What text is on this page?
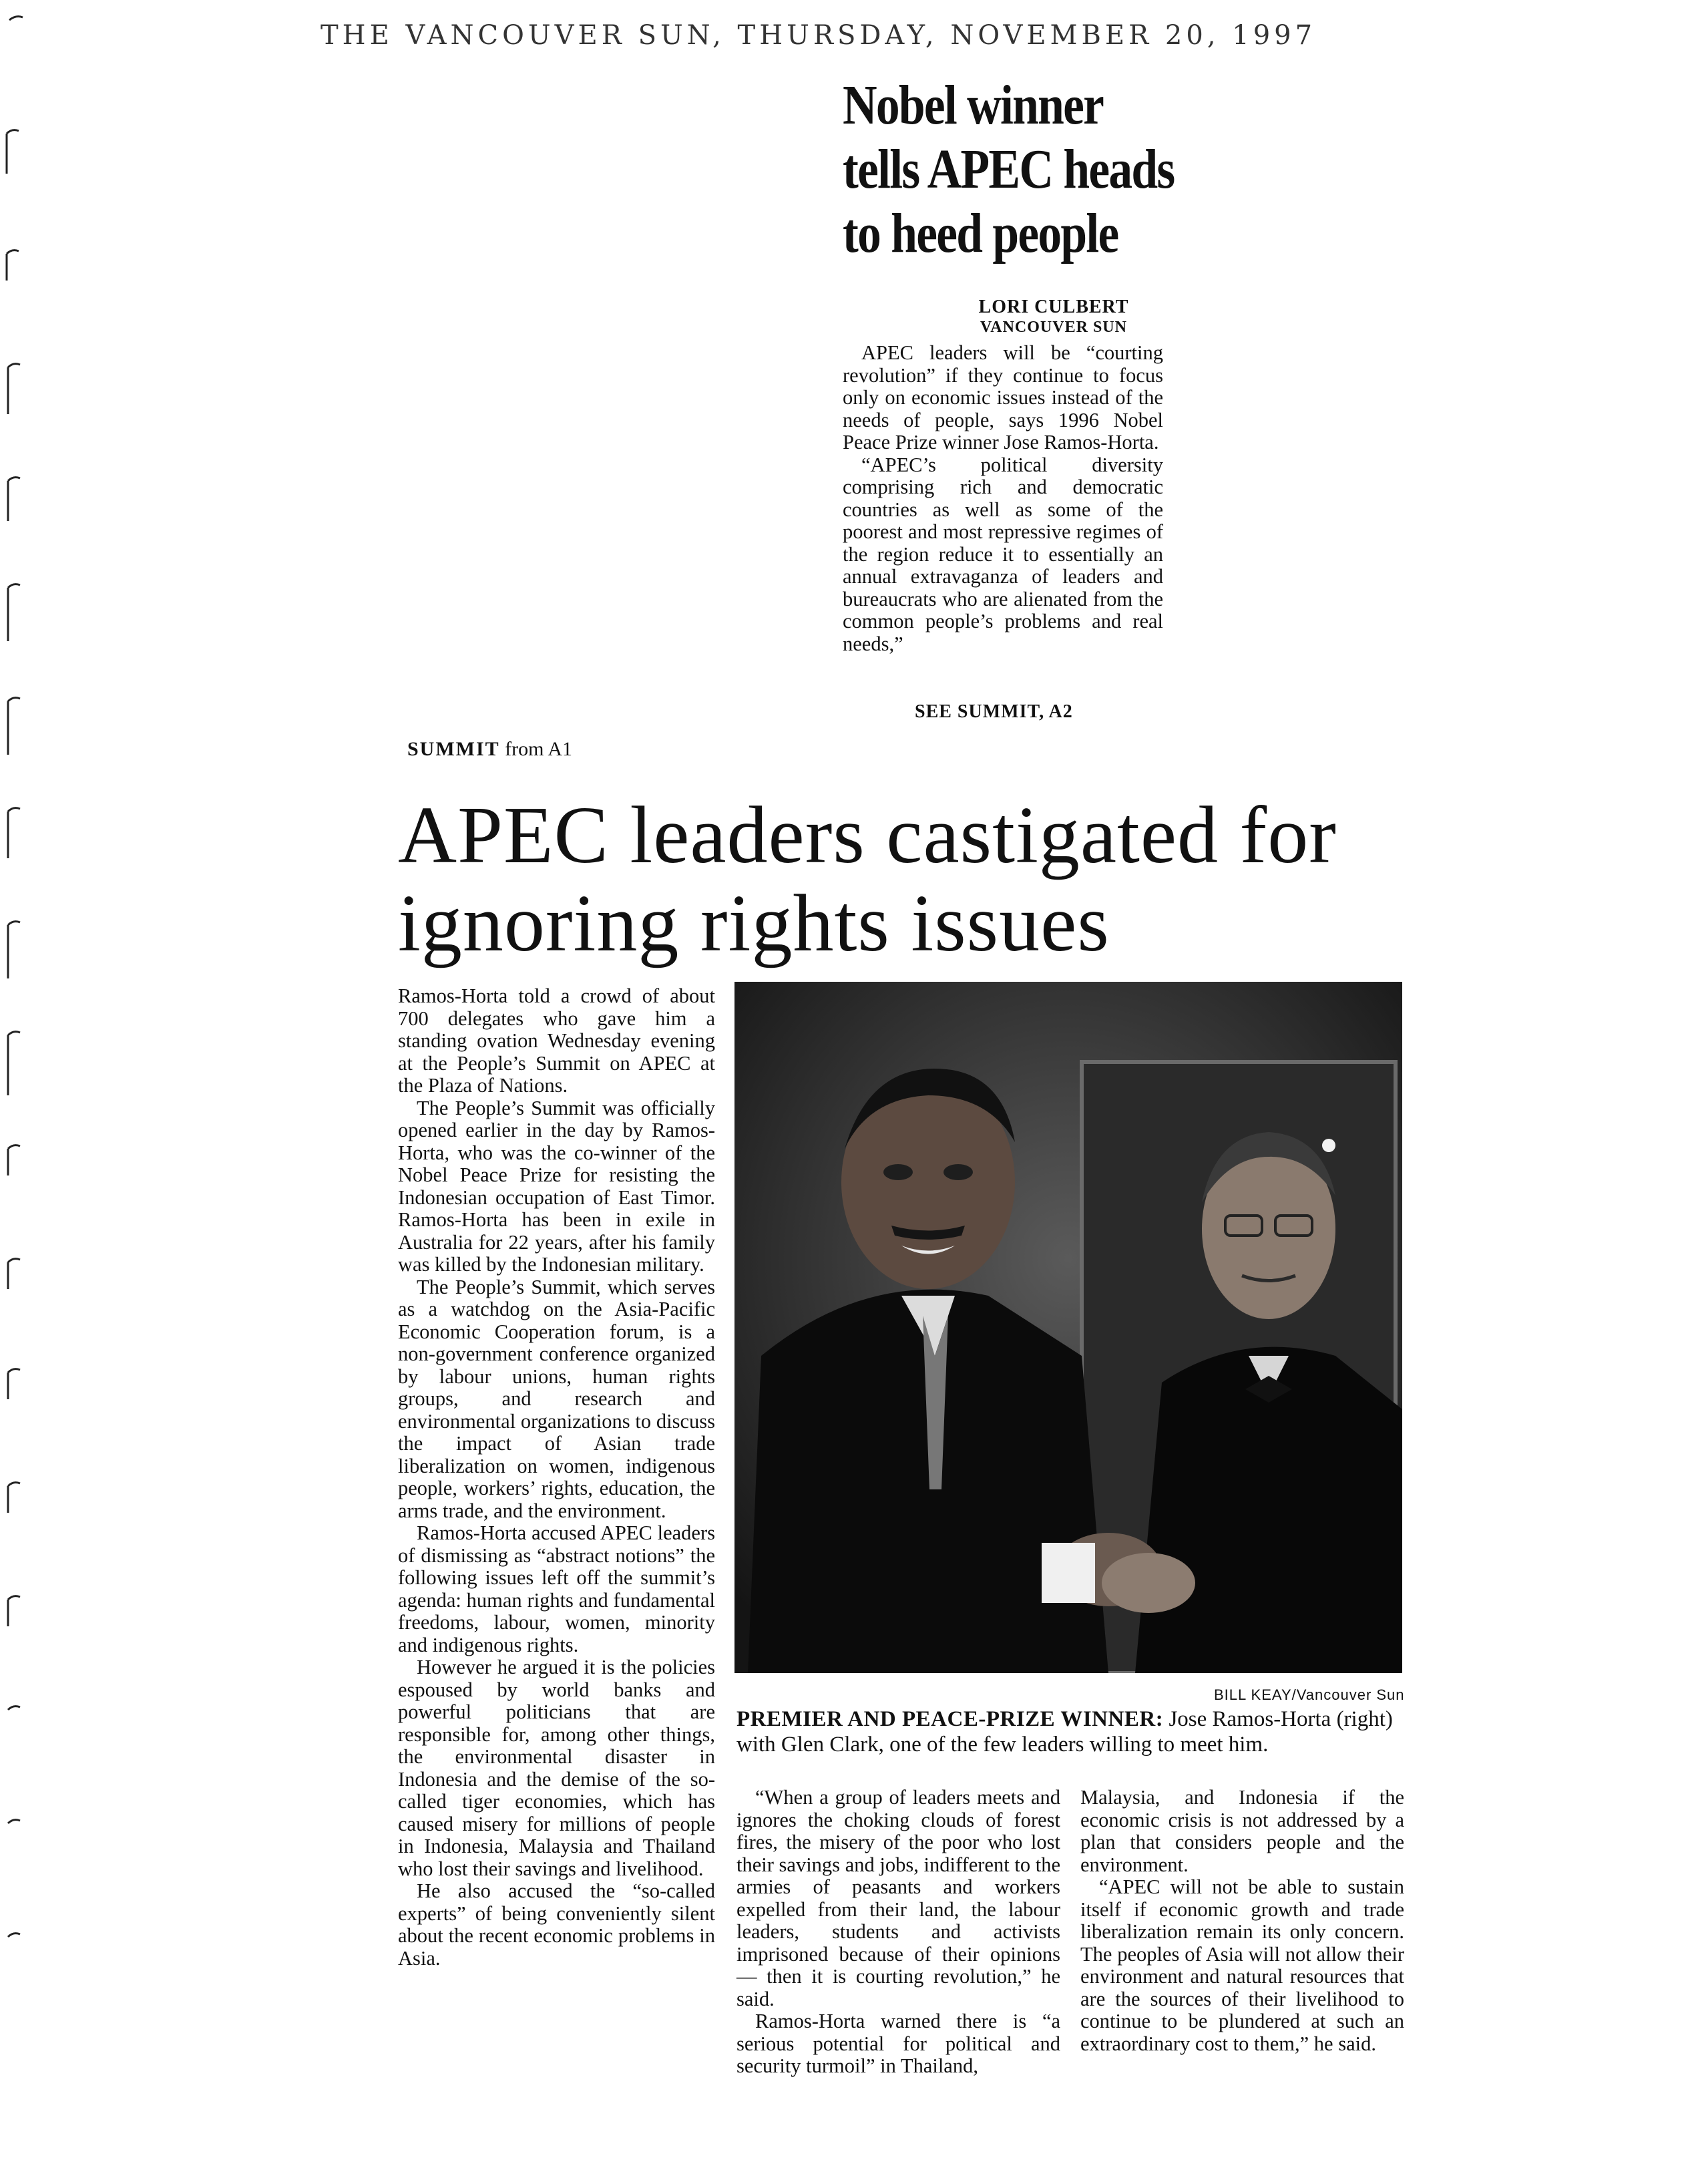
THE VANCOUVER SUN, THURSDAY, NOVEMBER 20, 1997
Nobel winner tells APEC heads to heed people
LORI CULBERT
VANCOUVER SUN

APEC leaders will be “courting revolution” if they continue to focus only on economic issues instead of the needs of people, says 1996 Nobel Peace Prize winner Jose Ramos-Horta.

“APEC’s political diversity comprising rich and democratic countries as well as some of the poorest and most repressive regimes of the region reduce it to essentially an annual extravaganza of leaders and bureaucrats who are alienated from the common people’s problems and real needs,”

SEE SUMMIT, A2
SUMMIT from A1
APEC leaders castigated for ignoring rights issues

Ramos-Horta told a crowd of about 700 delegates who gave him a standing ovation Wednesday evening at the People’s Summit on APEC at the Plaza of Nations.

The People’s Summit was officially opened earlier in the day by Ramos-Horta, who was the co-winner of the Nobel Peace Prize for resisting the Indonesian occupation of East Timor. Ramos-Horta has been in exile in Australia for 22 years, after his family was killed by the Indonesian military.

The People’s Summit, which serves as a watchdog on the Asia-Pacific Economic Cooperation forum, is a non-government conference organized by labour unions, human rights groups, and research and environmental organizations to discuss the impact of Asian trade liberalization on women, indigenous people, workers’ rights, education, the arms trade, and the environment.

Ramos-Horta accused APEC leaders of dismissing as “abstract notions” the following issues left off the summit’s agenda: human rights and fundamental freedoms, labour, women, minority and indigenous rights.

However he argued it is the policies espoused by world banks and powerful politicians that are responsible for, among other things, the environmental disaster in Indonesia and the demise of the so-called tiger economies, which has caused misery for millions of people in Indonesia, Malaysia and Thailand who lost their savings and livelihood.

He also accused the “so-called experts” of being conveniently silent about the recent economic problems in Asia.

BILL KEAY/Vancouver Sun
PREMIER AND PEACE-PRIZE WINNER: Jose Ramos-Horta (right) with Glen Clark, one of the few leaders willing to meet him.

“When a group of leaders meets and ignores the choking clouds of forest fires, the misery of the poor who lost their savings and jobs, indifferent to the armies of peasants and workers expelled from their land, the labour leaders, students and activists imprisoned because of their opinions — then it is courting revolution,” he said.

Ramos-Horta warned there is “a serious potential for political and security turmoil” in Thailand,

Malaysia, and Indonesia if the economic crisis is not addressed by a plan that considers people and the environment.

“APEC will not be able to sustain itself if economic growth and trade liberalization remain its only concern. The peoples of Asia will not allow their environment and natural resources that are the sources of their livelihood to continue to be plundered at such an extraordinary cost to them,” he said.
